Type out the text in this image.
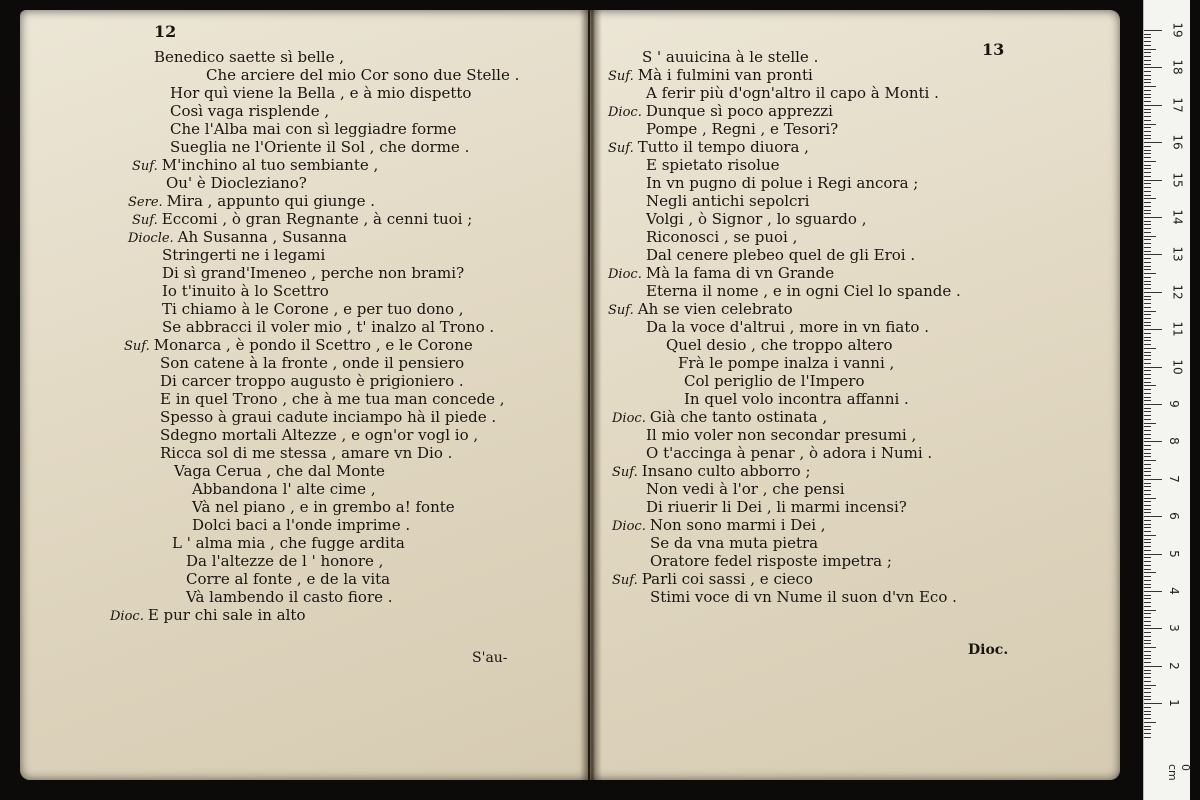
12
Benedico saette sì belle ,
Che arciere del mio Cor sono due Stelle .
Hor quì viene la Bella , e à mio dispetto
Così vaga risplende ,
Che l'Alba mai con sì leggiadre forme
Sueglia ne l'Oriente il Sol , che dorme .
Suf. M'inchino al tuo sembiante ,
Ou' è Diocleziano?
Sere. Mira , appunto qui giunge .
Suf. Eccomi , ò gran Regnante , à cenni tuoi ;
Diocle. Ah Susanna , Susanna
Stringerti ne i legami
Di sì grand'Imeneo , perche non brami?
Io t'inuito à lo Scettro
Ti chiamo à le Corone , e per tuo dono ,
Se abbracci il voler mio , t' inalzo al Trono .
Suf. Monarca , è pondo il Scettro , e le Corone
Son catene à la fronte , onde il pensiero
Di carcer troppo augusto è prigioniero .
E in quel Trono , che à me tua man concede ,
Spesso à graui cadute inciampo hà il piede .
Sdegno mortali Altezze , e ogn'or vogl io ,
Ricca sol di me stessa , amare vn Dio .
Vaga Cerua , che dal Monte
Abbandona l' alte cime ,
Và nel piano , e in grembo a! fonte
Dolci baci a l'onde imprime .
L ' alma mia , che fugge ardita
Da l'altezze de l ' honore ,
Corre al fonte , e de la vita
Và lambendo il casto fiore .
Dioc. E pur chi sale in alto
S'au-
13
S ' auuicina à le stelle .
Suf. Mà i fulmini van pronti
A ferir più d'ogn'altro il capo à Monti .
Dioc. Dunque sì poco apprezzi
Pompe , Regni , e Tesori?
Suf. Tutto il tempo diuora ,
E spietato risolue
In vn pugno di polue i Regi ancora ;
Negli antichi sepolcri
Volgi , ò Signor , lo sguardo ,
Riconosci , se puoi ,
Dal cenere plebeo quel de gli Eroi .
Dioc. Mà la fama di vn Grande
Eterna il nome , e in ogni Ciel lo spande .
Suf. Ah se vien celebrato
Da la voce d'altrui , more in vn fiato .
Quel desio , che troppo altero
Frà le pompe inalza i vanni ,
Col periglio de l'Impero
In quel volo incontra affanni .
Dioc. Già che tanto ostinata ,
Il mio voler non secondar presumi ,
O t'accinga à penar , ò adora i Numi .
Suf. Insano culto abborro ;
Non vedi à l'or , che pensi
Di riuerir li Dei , li marmi incensi?
Dioc. Non sono marmi i Dei ,
Se da vna muta pietra
Oratore fedel risposte impetra ;
Suf. Parli coi sassi , e cieco
Stimi voce di vn Nume il suon d'vn Eco .
Dioc.
19
18
17
16
15
14
13
12
11
10
9
8
7
6
5
4
3
2
1
0 cm
